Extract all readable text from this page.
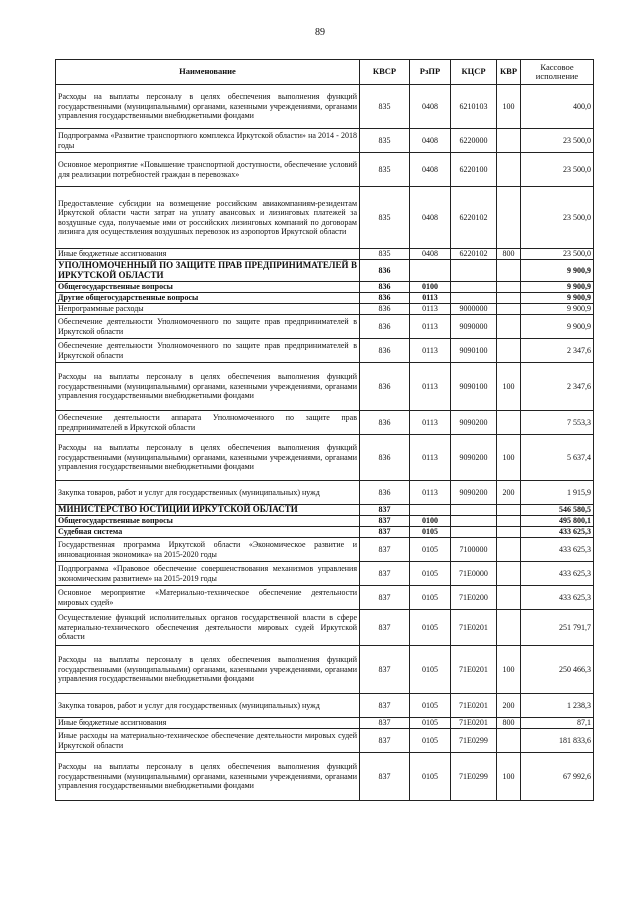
89
Наименование	КВСР	РзПР	КЦСР	КВР	Кассовое исполнение
Расходы на выплаты персоналу в целях обеспечения выполнения функций государственными (муниципальными) органами, казенными учреждениями, органами управления государственными внебюджетными фондами	835	0408	6210103	100	400,0
Подпрограмма «Развитие транспортного комплекса Иркутской области» на 2014 - 2018 годы	835	0408	6220000		23 500,0
Основное мероприятие «Повышение транспортной доступности, обеспечение условий для реализации потребностей граждан в перевозках»	835	0408	6220100		23 500,0
Предоставление субсидии на возмещение российским авиакомпаниям-резидентам Иркутской области части затрат на уплату авансовых и лизинговых платежей за воздушные суда, получаемые ими от российских лизинговых компаний по договорам лизинга для осуществления воздушных перевозок из аэропортов Иркутской области	835	0408	6220102		23 500,0
Иные бюджетные ассигнования	835	0408	6220102	800	23 500,0
УПОЛНОМОЧЕННЫЙ ПО ЗАЩИТЕ ПРАВ ПРЕДПРИНИМАТЕЛЕЙ В ИРКУТСКОЙ ОБЛАСТИ	836				9 900,9
Общегосударственные вопросы	836	0100			9 900,9
Другие общегосударственные вопросы	836	0113			9 900,9
Непрограммные расходы	836	0113	9000000		9 900,9
Обеспечение деятельности Уполномоченного по защите прав предпринимателей в Иркутской области	836	0113	9090000		9 900,9
Обеспечение деятельности Уполномоченного по защите прав предпринимателей в Иркутской области	836	0113	9090100		2 347,6
Расходы на выплаты персоналу в целях обеспечения выполнения функций государственными (муниципальными) органами, казенными учреждениями, органами управления государственными внебюджетными фондами	836	0113	9090100	100	2 347,6
Обеспечение деятельности аппарата Уполномоченного по защите прав предпринимателей в Иркутской области	836	0113	9090200		7 553,3
Расходы на выплаты персоналу в целях обеспечения выполнения функций государственными (муниципальными) органами, казенными учреждениями, органами управления государственными внебюджетными фондами	836	0113	9090200	100	5 637,4
Закупка товаров, работ и услуг для государственных (муниципальных) нужд	836	0113	9090200	200	1 915,9
МИНИСТЕРСТВО ЮСТИЦИИ ИРКУТСКОЙ ОБЛАСТИ	837				546 580,5
Общегосударственные вопросы	837	0100			495 800,1
Судебная система	837	0105			433 625,3
Государственная программа Иркутской области «Экономическое развитие и инновационная экономика» на 2015-2020 годы	837	0105	7100000		433 625,3
Подпрограмма «Правовое обеспечение совершенствования механизмов управления экономическим развитием» на 2015-2019 годы	837	0105	71E0000		433 625,3
Основное мероприятие «Материально-техническое обеспечение деятельности мировых судей»	837	0105	71E0200		433 625,3
Осуществление функций исполнительных органов государственной власти в сфере материально-технического обеспечения деятельности мировых судей Иркутской области	837	0105	71E0201		251 791,7
Расходы на выплаты персоналу в целях обеспечения выполнения функций государственными (муниципальными) органами, казенными учреждениями, органами управления государственными внебюджетными фондами	837	0105	71E0201	100	250 466,3
Закупка товаров, работ и услуг для государственных (муниципальных) нужд	837	0105	71E0201	200	1 238,3
Иные бюджетные ассигнования	837	0105	71E0201	800	87,1
Иные расходы на материально-техническое обеспечение деятельности мировых судей Иркутской области	837	0105	71E0299		181 833,6
Расходы на выплаты персоналу в целях обеспечения выполнения функций государственными (муниципальными) органами, казенными учреждениями, органами управления государственными внебюджетными фондами	837	0105	71E0299	100	67 992,6
